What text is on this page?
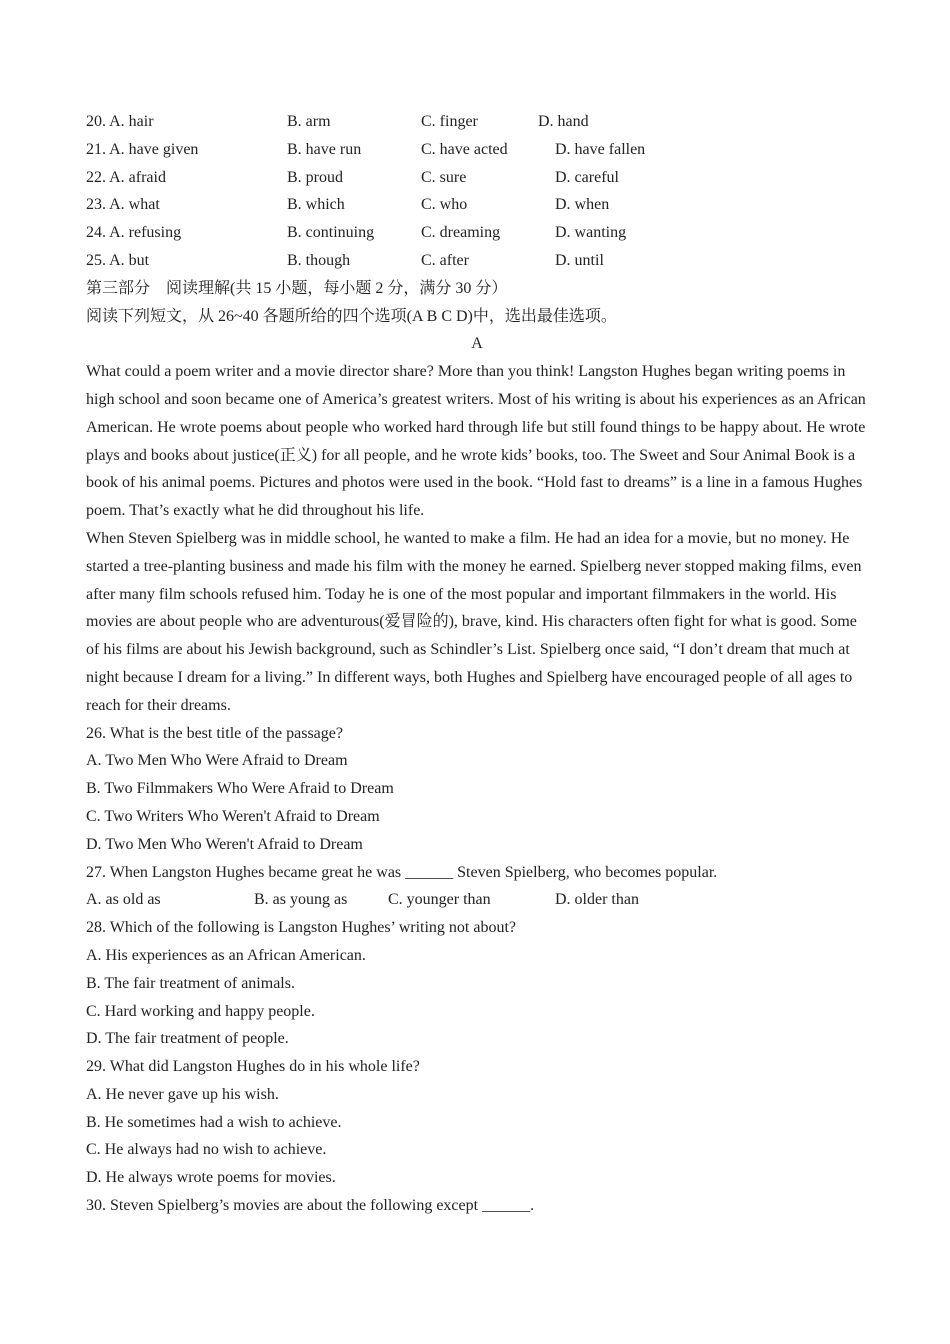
20. A. hair	B. arm	C. finger	D. hand
21. A. have given	B. have run	C. have acted	D. have fallen
22. A. afraid	B. proud	C. sure	D. careful
23. A. what	B. which	C. who	D. when
24. A. refusing	B. continuing	C. dreaming	D. wanting
25. A. but	B. though	C. after	D. until
第三部分　阅读理解(共 15 小题，每小题 2 分，满分 30 分）
阅读下列短文，从 26~40 各题所给的四个选项(A B C D)中，选出最佳选项。
A
What could a poem writer and a movie director share? More than you think! Langston Hughes began writing poems in high school and soon became one of America’s greatest writers. Most of his writing is about his experiences as an African American. He wrote poems about people who worked hard through life but still found things to be happy about. He wrote plays and books about justice(正义) for all people, and he wrote kids’ books, too. The Sweet and Sour Animal Book is a book of his animal poems. Pictures and photos were used in the book. “Hold fast to dreams” is a line in a famous Hughes poem. That’s exactly what he did throughout his life.
When Steven Spielberg was in middle school, he wanted to make a film. He had an idea for a movie, but no money. He started a tree-planting business and made his film with the money he earned. Spielberg never stopped making films, even after many film schools refused him. Today he is one of the most popular and important filmmakers in the world. His movies are about people who are adventurous(爱冒险的), brave, kind. His characters often fight for what is good. Some of his films are about his Jewish background, such as Schindler’s List. Spielberg once said, “I don’t dream that much at night because I dream for a living.” In different ways, both Hughes and Spielberg have encouraged people of all ages to reach for their dreams.
26. What is the best title of the passage?
A. Two Men Who Were Afraid to Dream
B. Two Filmmakers Who Were Afraid to Dream
C. Two Writers Who Weren't Afraid to Dream
D. Two Men Who Weren't Afraid to Dream
27. When Langston Hughes became great he was ______ Steven Spielberg, who becomes popular.
A. as old as	B. as young as	C. younger than	D. older than
28. Which of the following is Langston Hughes’ writing not about?
A. His experiences as an African American.
B. The fair treatment of animals.
C. Hard working and happy people.
D. The fair treatment of people.
29. What did Langston Hughes do in his whole life?
A. He never gave up his wish.
B. He sometimes had a wish to achieve.
C. He always had no wish to achieve.
D. He always wrote poems for movies.
30. Steven Spielberg’s movies are about the following except ______.
